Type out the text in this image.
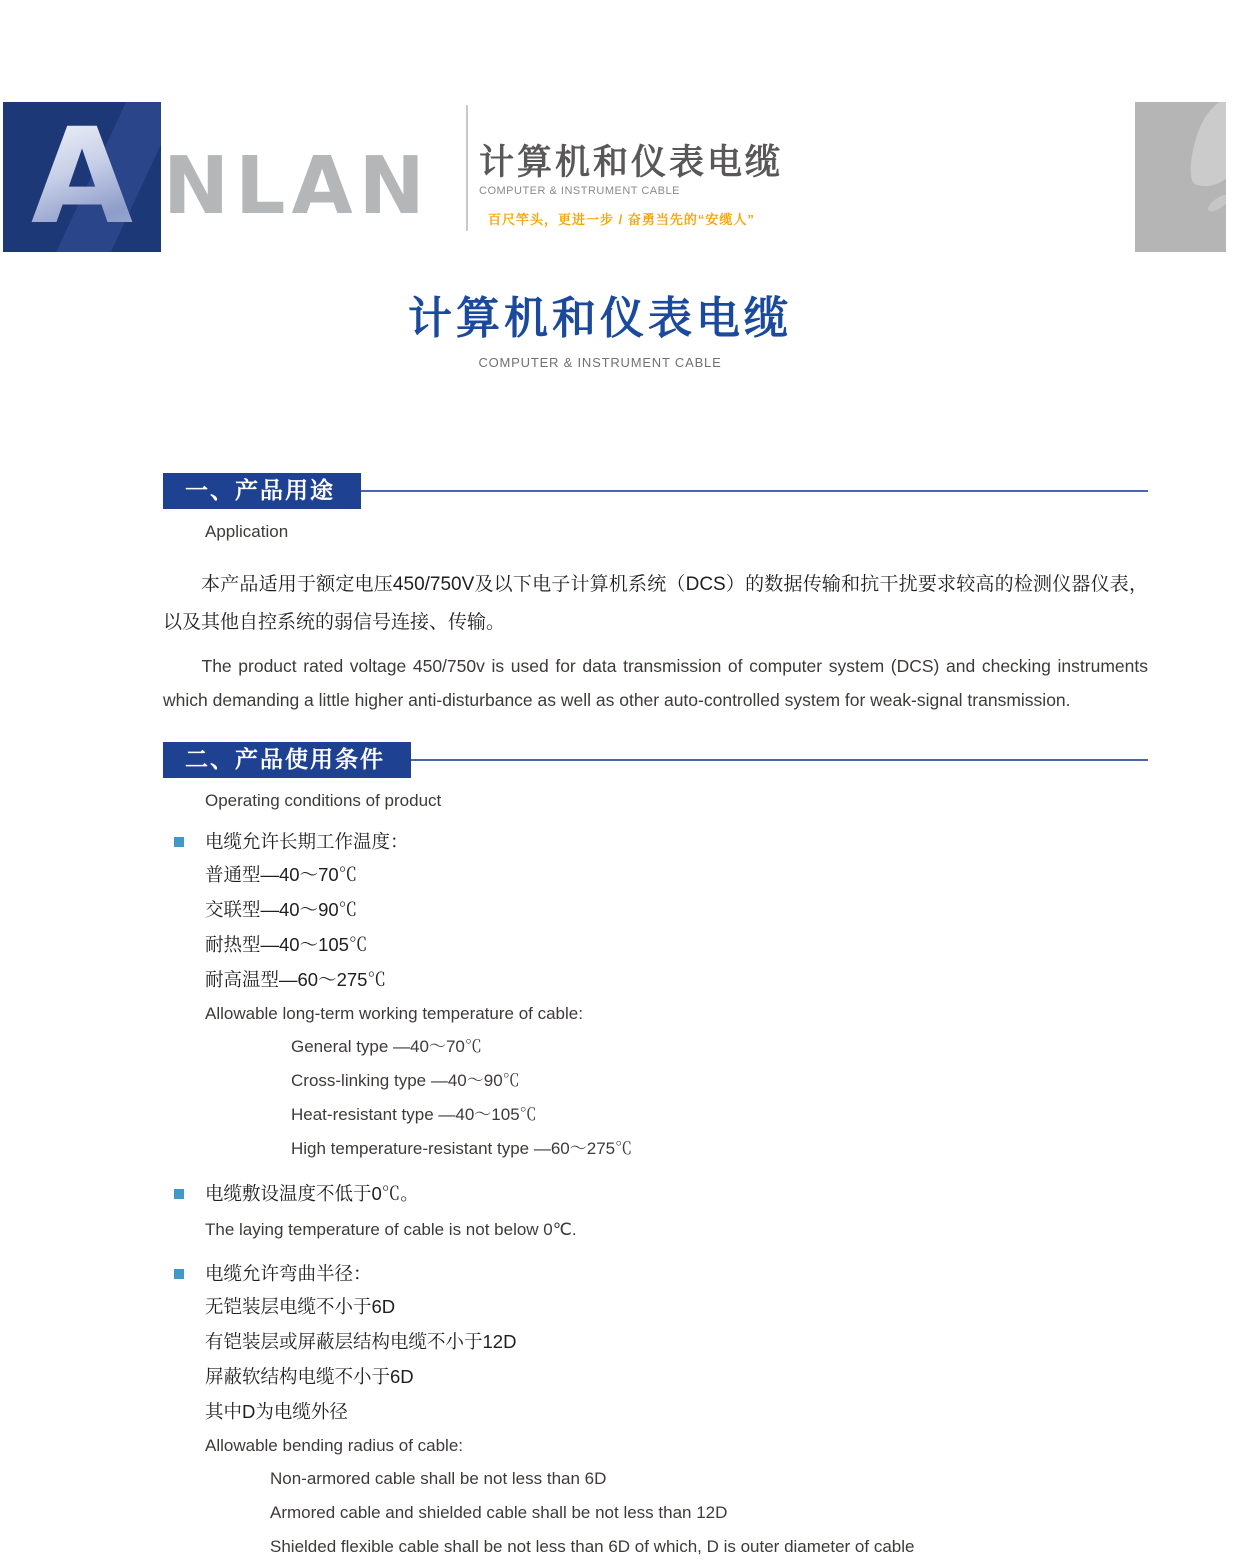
A NLAN 计算机和仪表电缆
COMPUTER & INSTRUMENT CABLE
百尺竿头，更进一步 / 奋勇当先的“安缆人”
计算机和仪表电缆
COMPUTER & INSTRUMENT CABLE
一、产品用途
Application
本产品适用于额定电压450/750V及以下电子计算机系统（DCS）的数据传输和抗干扰要求较高的检测仪器仪表，以及其他自控系统的弱信号连接、传输。
The product rated voltage 450/750v is used for data transmission of computer system (DCS) and checking instruments which demanding a little higher anti-disturbance as well as other auto-controlled system for weak-signal transmission.
二、产品使用条件
Operating conditions of product
电缆允许长期工作温度：
普通型—40～70℃
交联型—40～90℃
耐热型—40～105℃
耐高温型—60～275℃
Allowable long-term working temperature of cable:
General type —40～70℃
Cross-linking type —40～90℃
Heat-resistant type —40～105℃
High temperature-resistant type —60～275℃
电缆敷设温度不低于0℃。
The laying temperature of cable is not below 0℃.
电缆允许弯曲半径：
无铠装层电缆不小于6D
有铠装层或屏蔽层结构电缆不小于12D
屏蔽软结构电缆不小于6D
其中D为电缆外径
Allowable bending radius of cable:
Non-armored cable shall be not less than 6D
Armored cable and shielded cable shall be not less than 12D
Shielded flexible cable shall be not less than 6D of which, D is outer diameter of cable
